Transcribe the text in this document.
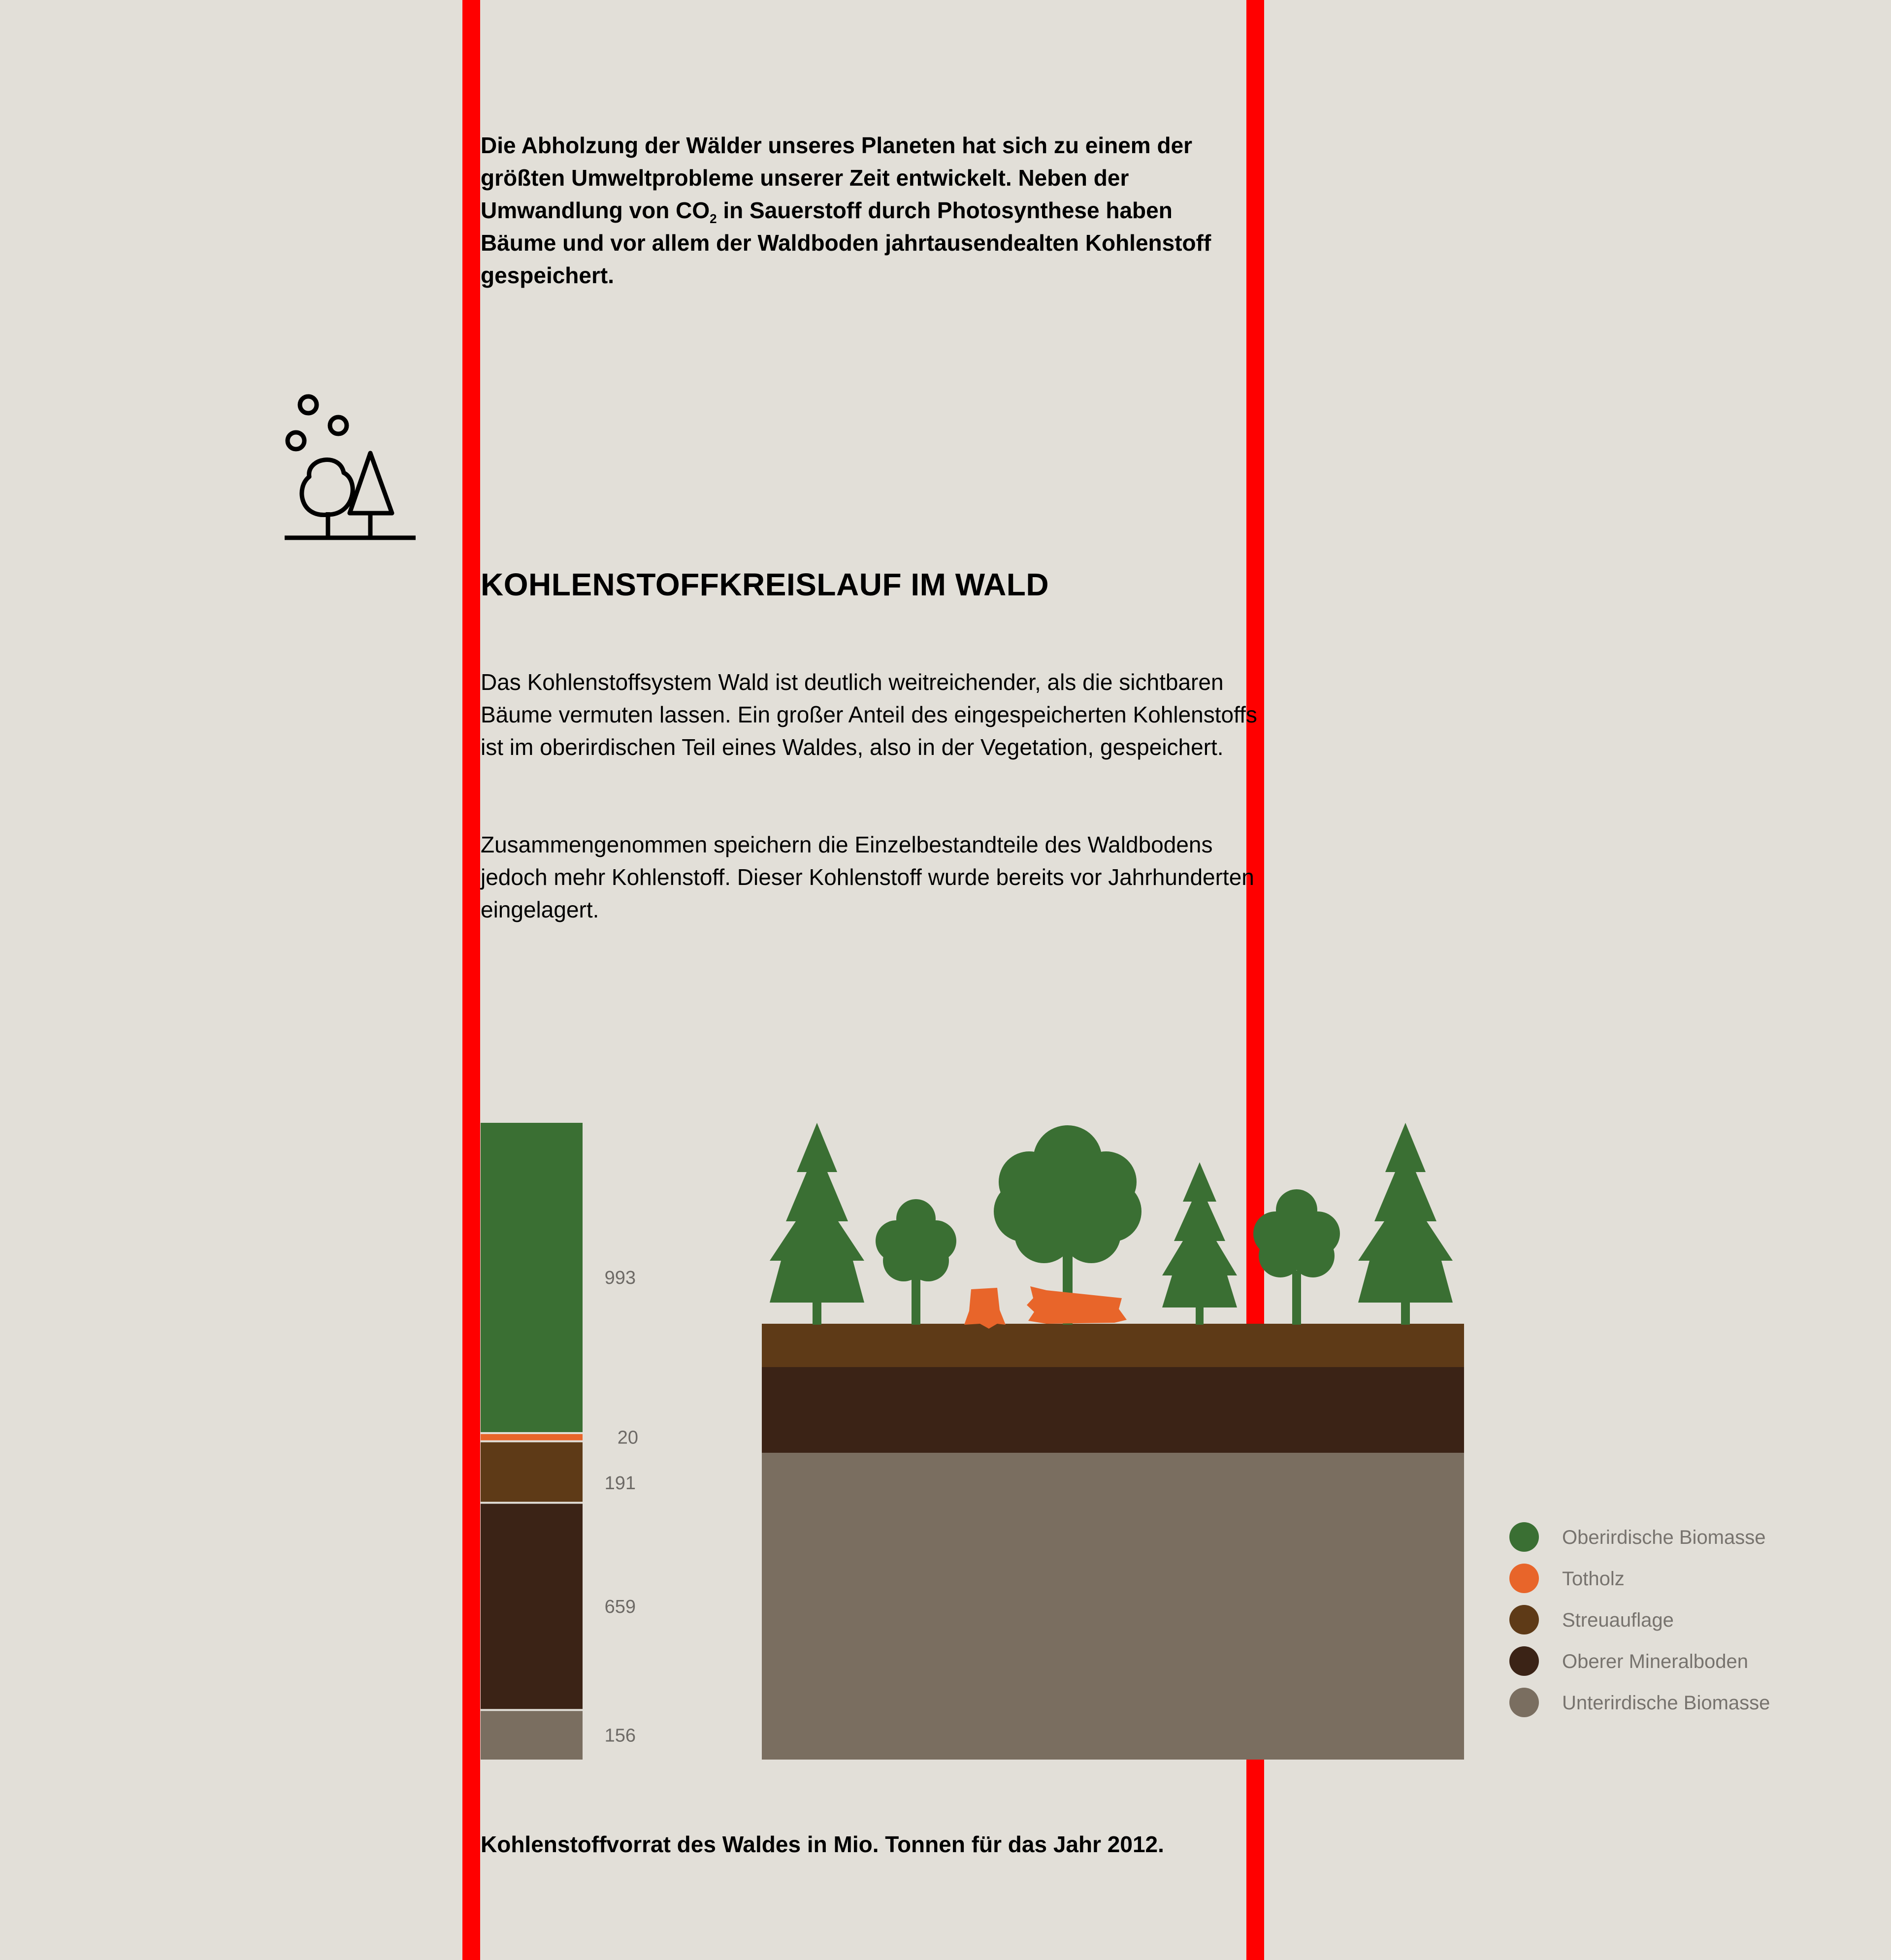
Die Abholzung der Wälder unseres Planeten hat sich zu einem der größten Umweltprobleme unserer Zeit entwickelt. Neben der Umwandlung von $CO_2$ in Sauerstoff durch Photosynthese haben Bäume und vor allem der Waldboden jahrtausendealten Kohlenstoff gespeichert.

KOHLENSTOFFKREISLAUF IM WALD

Das Kohlenstoffsystem Wald ist deutlich weitreichender, als die sichtbaren Bäume vermuten lassen. Ein großer Anteil des eingespeicherten Kohlenstoffs ist im oberirdischen Teil eines Waldes, also in der Vegetation, gespeichert.

Zusammengenommen speichern die Einzelbestandteile des Waldbodens jedoch mehr Kohlenstoff. Dieser Kohlenstoff wurde bereits vor Jahrhunderten eingelagert.

993
20
191
659
156
Oberirdische Biomasse
Totholz
Streuauflage
Oberer Mineralboden
Unterirdische Biomasse

Kohlenstoffvorrat des Waldes in Mio. Tonnen für das Jahr 2012.
